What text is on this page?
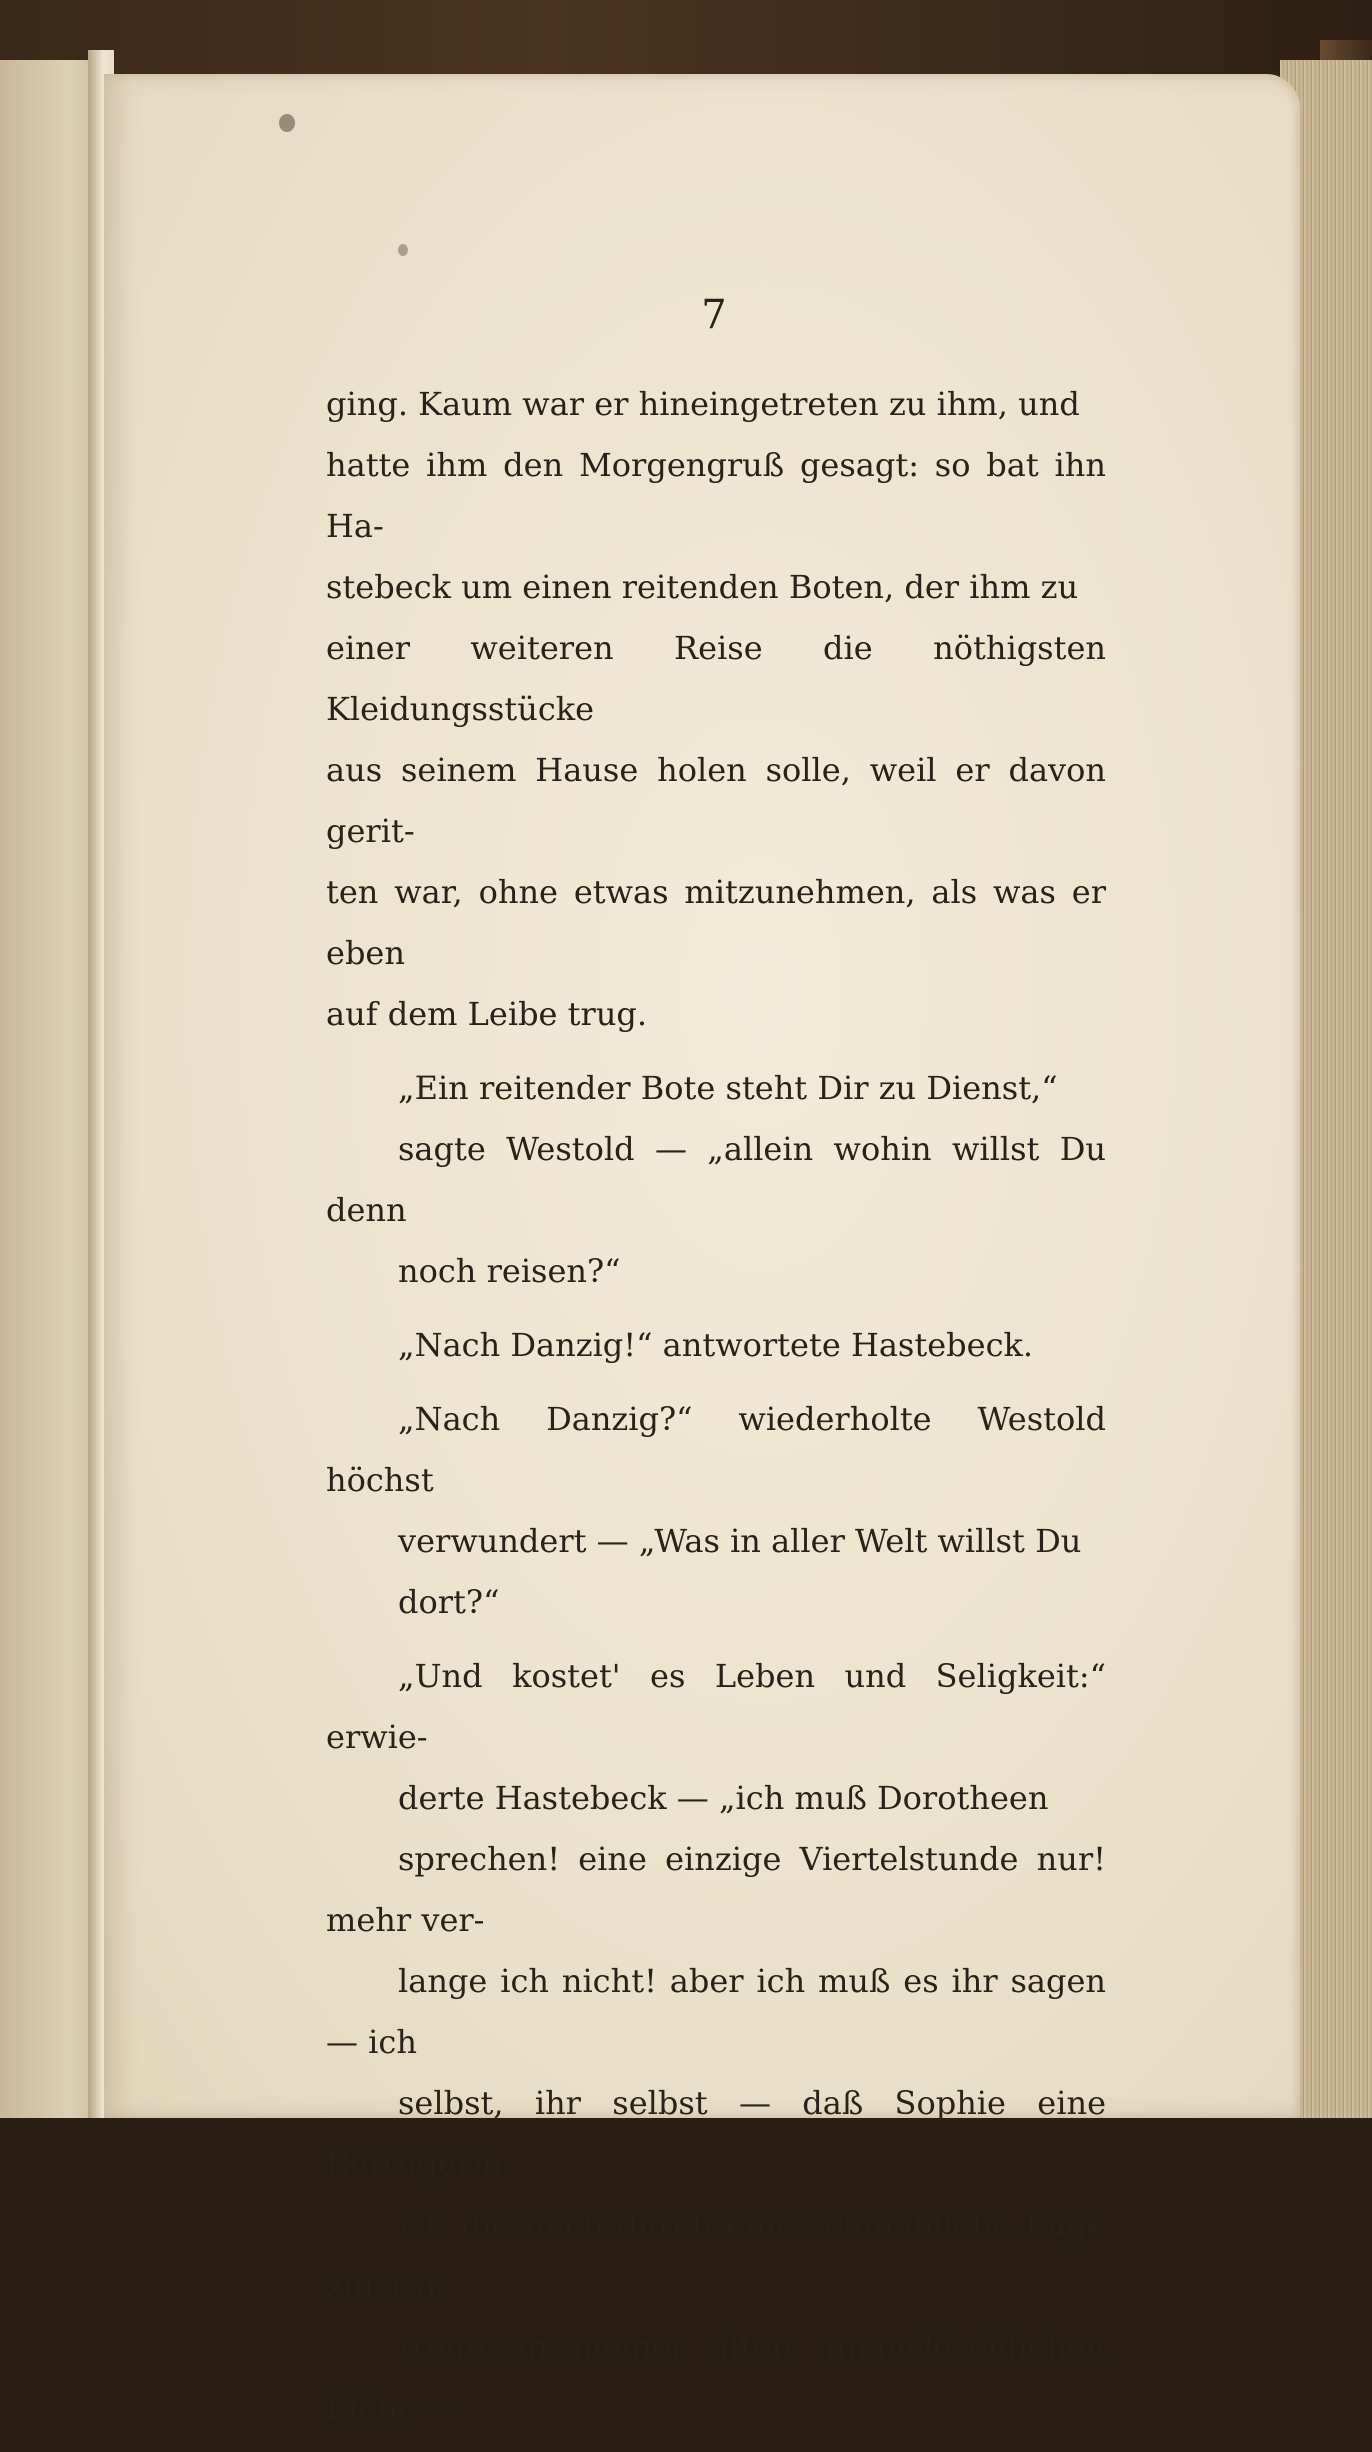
7

ging. Kaum war er hineingetreten zu ihm, und
hatte ihm den Morgengruß gesagt: so bat ihn Ha-
stebeck um einen reitenden Boten, der ihm zu
einer weiteren Reise die nöthigsten Kleidungsstücke
aus seinem Hause holen solle, weil er davon gerit-
ten war, ohne etwas mitzunehmen, als was er eben
auf dem Leibe trug.

„Ein reitender Bote steht Dir zu Dienst,“
sagte Westold — „allein wohin willst Du denn
noch reisen?“

„Nach Danzig!“ antwortete Hastebeck.

„Nach Danzig?“ wiederholte Westold höchst
verwundert — „Was in aller Welt willst Du
dort?“

„Und kostet' es Leben und Seligkeit:“ erwie-
derte Hastebeck — „ich muß Dorotheen
sprechen! eine einzige Viertelstunde nur! mehr ver-
lange ich nicht! aber ich muß es ihr sagen — ich
selbst, ihr selbst — daß Sophie eine Betrügerin
ist, die mich durch eine schmähliche Lüge zur Un-
treue an meiner alten, unauslöschlichen Liebe —
